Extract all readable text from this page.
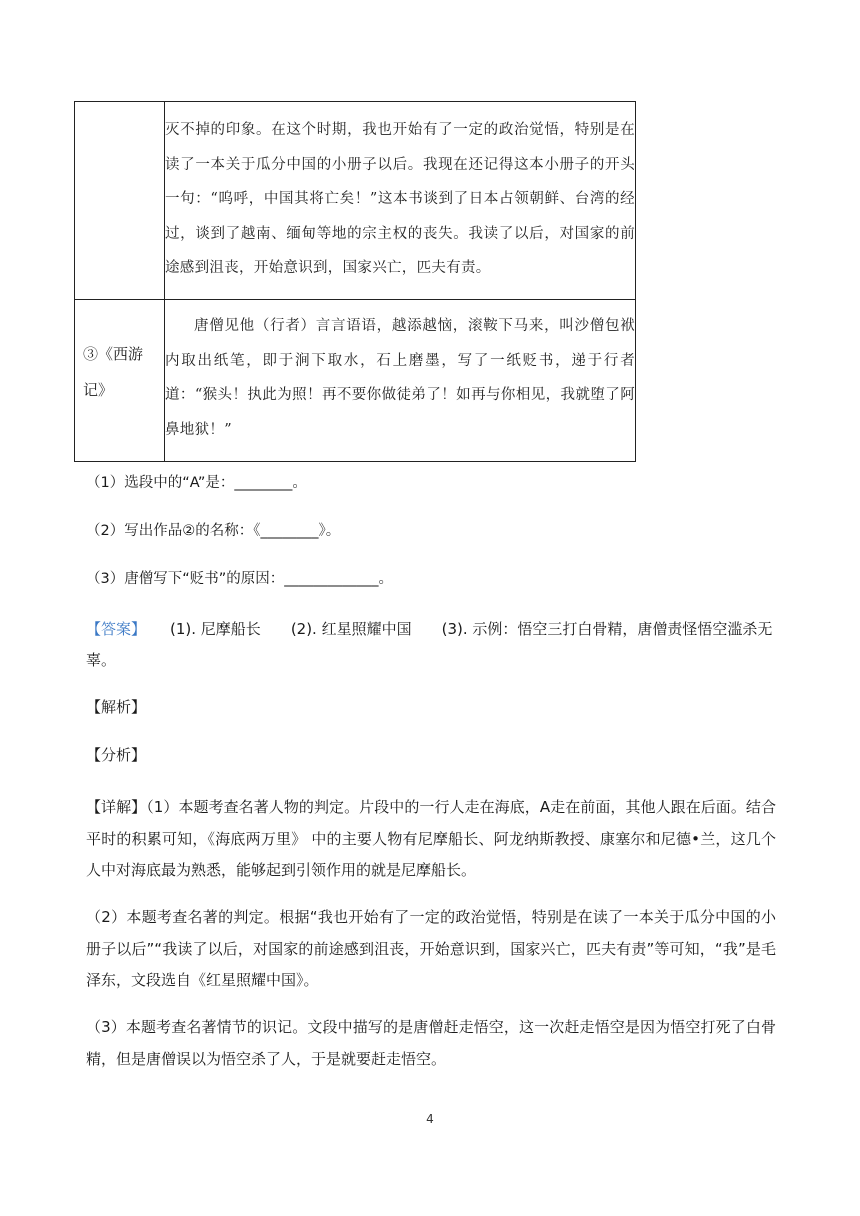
	灭不掉的印象。在这个时期，我也开始有了一定的政治觉悟，特别是在读了一本关于瓜分中国的小册子以后。我现在还记得这本小册子的开头一句：“呜呼，中国其将亡矣！”这本书谈到了日本占领朝鲜、台湾的经过，谈到了越南、缅甸等地的宗主权的丧失。我读了以后，对国家的前途感到沮丧，开始意识到，国家兴亡，匹夫有责。

③《西游记》	唐僧见他（行者）言言语语，越添越恼，滚鞍下马来，叫沙僧包袱内取出纸笔，即于涧下取水，石上磨墨，写了一纸贬书，递于行者道：“猴头！执此为照！再不要你做徒弟了！如再与你相见，我就堕了阿鼻地狱！”

（1）选段中的“A”是：________。
（2）写出作品②的名称：《________》。
（3）唐僧写下“贬书”的原因：_____________。
【答案】 (1). 尼摩船长 (2). 红星照耀中国 (3). 示例：悟空三打白骨精，唐僧责怪悟空滥杀无辜。
【解析】
【分析】
【详解】（1）本题考查名著人物的判定。片段中的一行人走在海底，A走在前面，其他人跟在后面。结合平时的积累可知，《海底两万里》 中的主要人物有尼摩船长、阿龙纳斯教授、康塞尔和尼德•兰，这几个人中对海底最为熟悉，能够起到引领作用的就是尼摩船长。
（2）本题考查名著的判定。根据“我也开始有了一定的政治觉悟，特别是在读了一本关于瓜分中国的小册子以后”“我读了以后，对国家的前途感到沮丧，开始意识到，国家兴亡，匹夫有责”等可知，“我”是毛泽东，文段选自《红星照耀中国》。
（3）本题考查名著情节的识记。文段中描写的是唐僧赶走悟空，这一次赶走悟空是因为悟空打死了白骨精，但是唐僧误以为悟空杀了人，于是就要赶走悟空。
4
